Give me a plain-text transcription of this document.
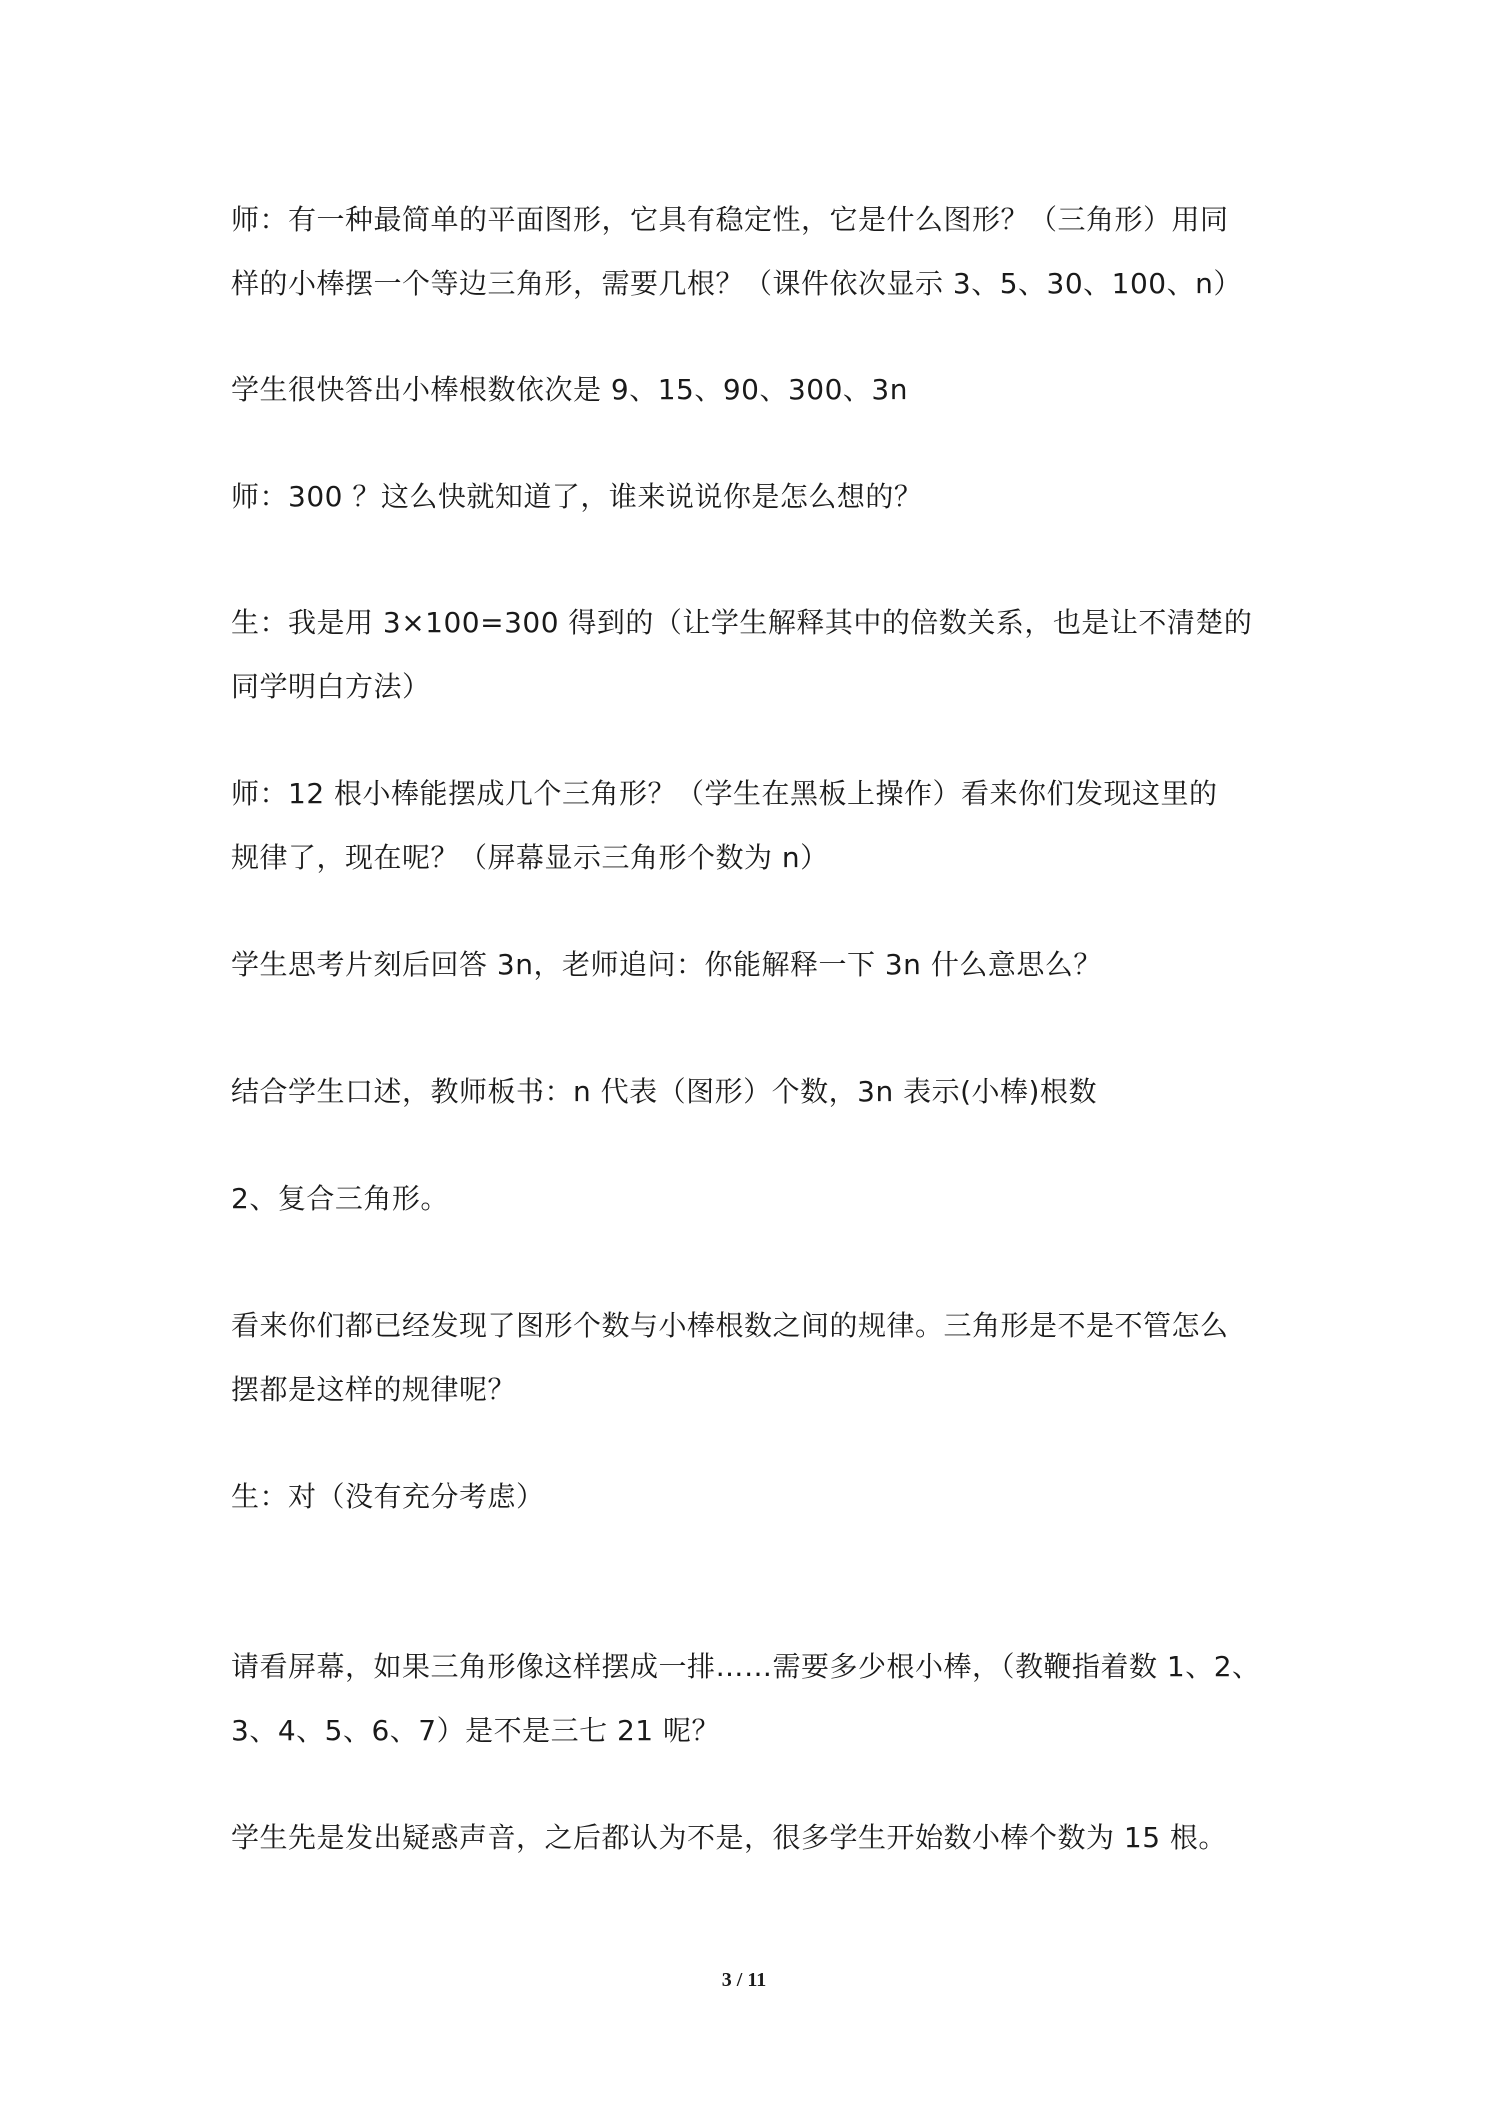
师：有一种最简单的平面图形，它具有稳定性，它是什么图形？（三角形）用同
样的小棒摆一个等边三角形，需要几根？（课件依次显示 3、5、30、100、n）

学生很快答出小棒根数依次是 9、15、90、300、3n

师：300 ？这么快就知道了，谁来说说你是怎么想的？

生：我是用 3×100=300 得到的（让学生解释其中的倍数关系，也是让不清楚的
同学明白方法）

师：12 根小棒能摆成几个三角形？（学生在黑板上操作）看来你们发现这里的
规律了，现在呢？（屏幕显示三角形个数为 n）

学生思考片刻后回答 3n，老师追问：你能解释一下 3n 什么意思么？

结合学生口述，教师板书：n 代表（图形）个数，3n 表示(小棒)根数

2、复合三角形。

看来你们都已经发现了图形个数与小棒根数之间的规律。三角形是不是不管怎么
摆都是这样的规律呢？

生：对（没有充分考虑）

请看屏幕，如果三角形像这样摆成一排……需要多少根小棒，（教鞭指着数 1、2、
3、4、5、6、7）是不是三七 21 呢？

学生先是发出疑惑声音，之后都认为不是，很多学生开始数小棒个数为 15 根。

3 / 11
